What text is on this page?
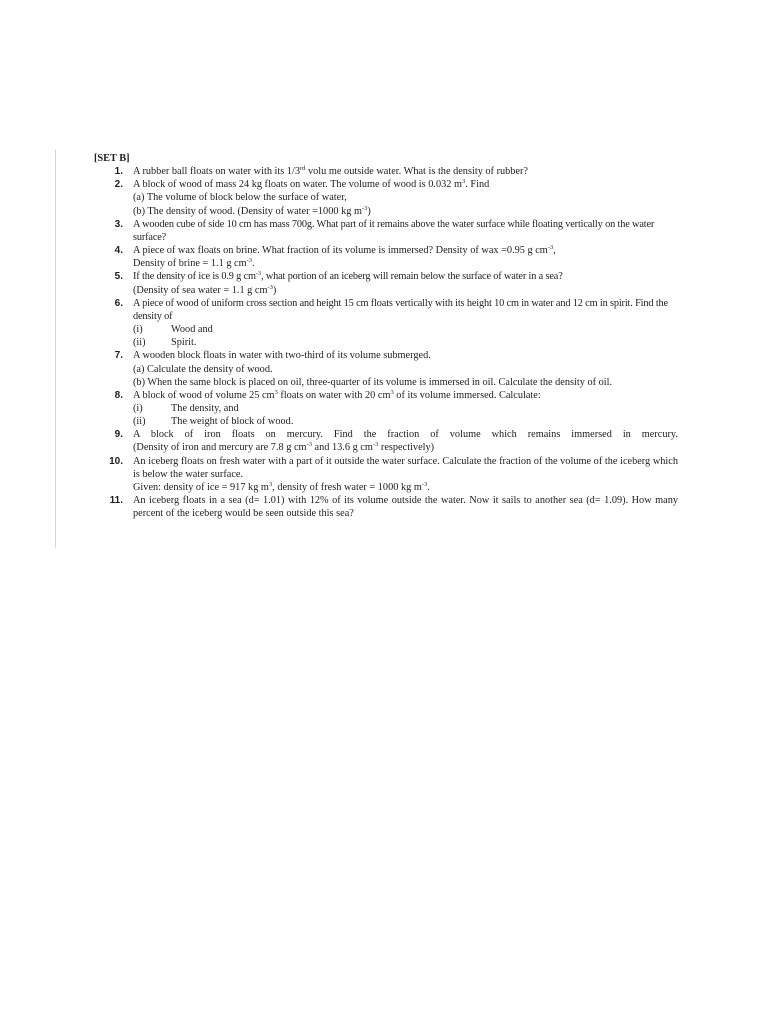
[SET B]
1. A rubber ball floats on water with its 1/3rd volu me outside water. What is the density of rubber?
2. A block of wood of mass 24 kg floats on water. The volume of wood is 0.032 $m^3$. Find
(a) The volume of block below the surface of water,
(b) The density of wood. (Density of water =1000 kg $m^{-3}$)
3. A wooden cube of side 10 cm has mass 700g. What part of it remains above the water surface while floating vertically on the water surface?
4. A piece of wax floats on brine. What fraction of its volume is immersed? Density of wax =0.95 g $cm^{-3}$,
Density of brine = 1.1 g $cm^{-3}$.
5. If the density of ice is 0.9 g $cm^{-3}$, what portion of an iceberg will remain below the surface of water in a sea?
(Density of sea water = 1.1 g $cm^{-3}$)
6. A piece of wood of uniform cross section and height 15 cm floats vertically with its height 10 cm in water and 12 cm in spirit. Find the density of
(i)	Wood and
(ii) Spirit.
7. A wooden block floats in water with two-third of its volume submerged.
(a) Calculate the density of wood.
(b) When the same block is placed on oil, three-quarter of its volume is immersed in oil. Calculate the density of oil.
8. A block of wood of volume 25 $cm^3$ floats on water with 20 $cm^3$ of its volume immersed. Calculate:
(i)	The density, and
(ii) The weight of block of wood.
9. A block of iron floats on mercury. Find the fraction of volume which remains immersed in mercury.
(Density of iron and mercury are 7.8 g $cm^{-3}$ and 13.6 g $cm^{-3}$ respectively)
10. An iceberg floats on fresh water with a part of it outside the water surface. Calculate the fraction of the volume of the iceberg which is below the water surface.
Given: density of ice = 917 kg $m^3$, density of fresh water = 1000 kg $m^{-3}$.
11. An iceberg floats in a sea (d= 1.01) with 12% of its volume outside the water. Now it sails to another sea (d= 1.09). How many percent of the iceberg would be seen outside this sea?
